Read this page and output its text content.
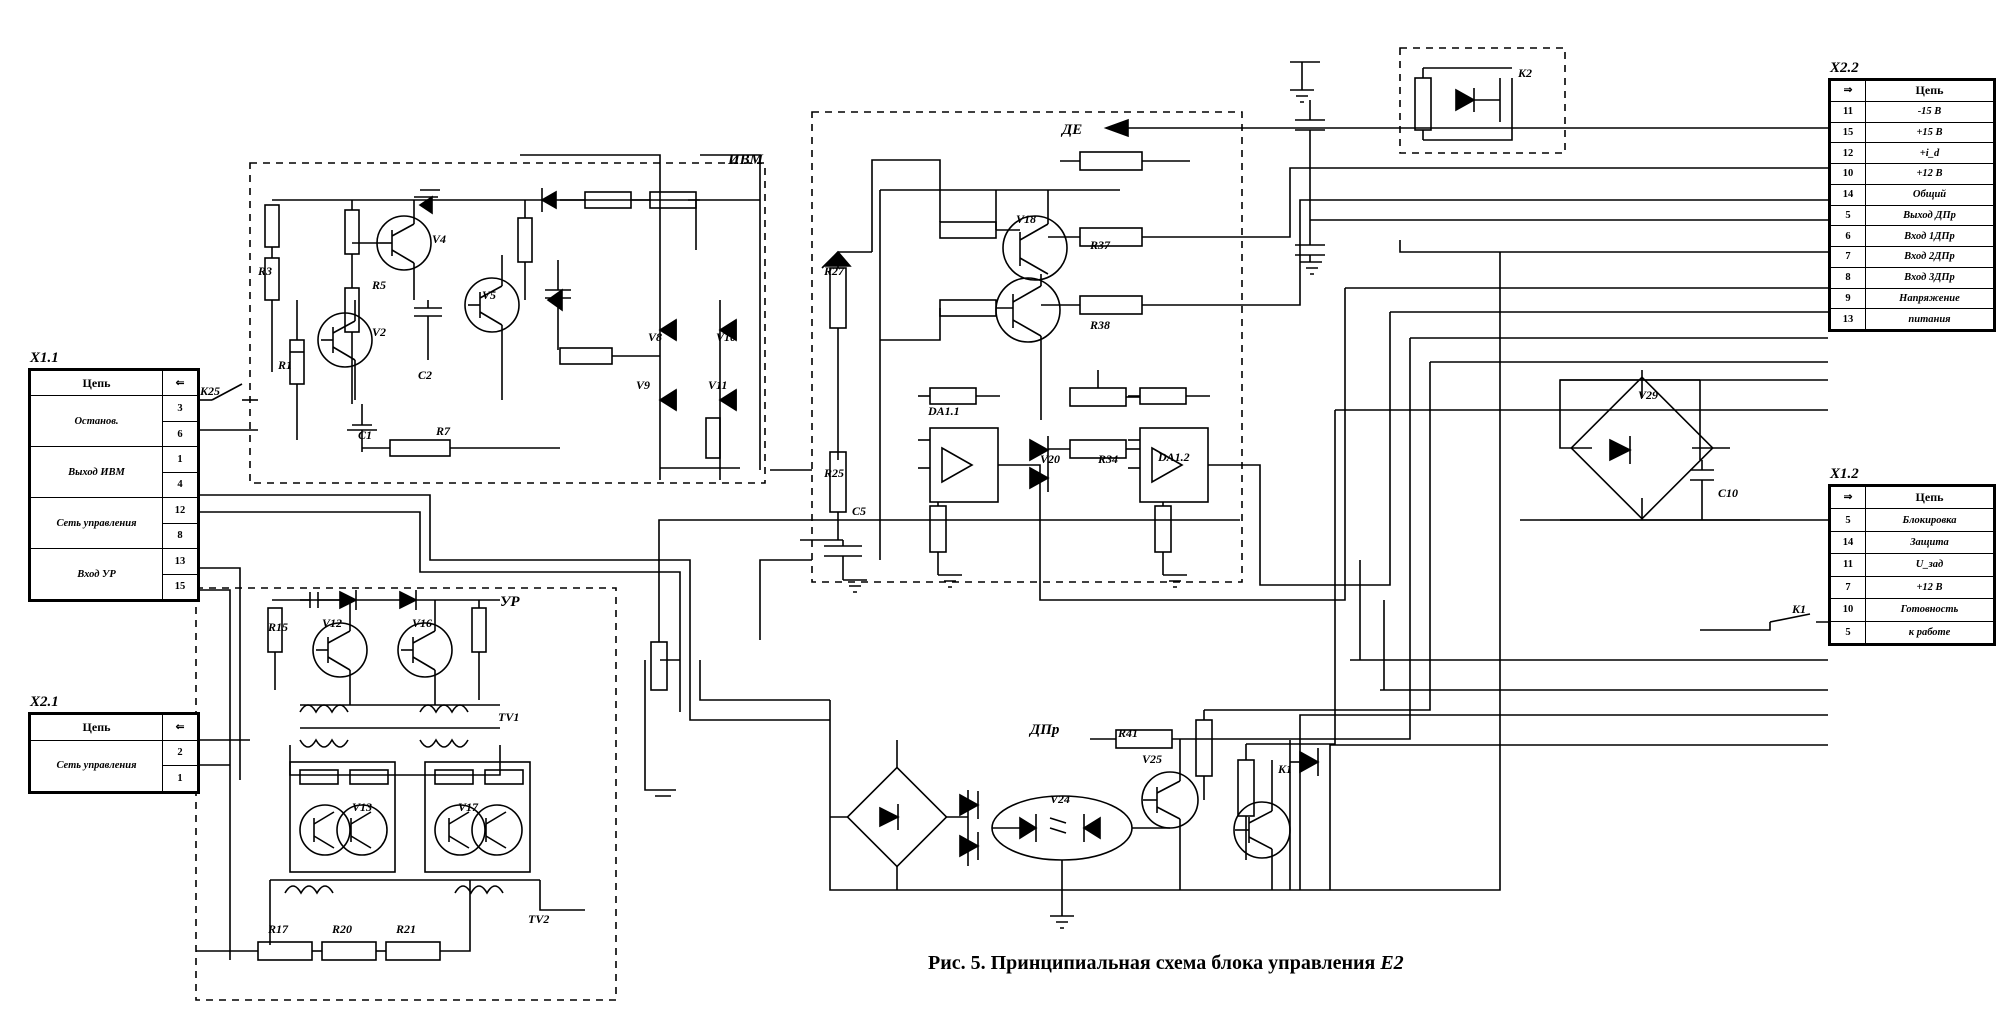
ИВМ
УР
ДЕ
ДПр
R3
R5
R1
R7
C1
C2
V2
V4
V5
V8
V9
V10
V11
K25
R15	V12	V16
TV1
TV2
V13	V17
R17	R20	R21
R27
R25
C5
DA1.1
DA1.2
V18
R37
R38
V20	R34
K2
K1
V29
C10
R41
V25
V24
K1
X1.1
Цепь	⇐
Останов.	3
	6
Выход ИВМ	1
	4
Сеть управления	12
	8
Вход УР	13
	15
X2.1
Цепь	⇐
Сеть управления	2
	1
X2.2
⇒	Цепь
11	-15 В
15	+15 В
12	+i_d
10	+12 В
14	Общий
5	Выход ДПр
6	Вход 1ДПр
7	Вход 2ДПр
8	Вход 3ДПр
9	Напряжение
13	питания
X1.2
⇒	Цепь
5	Блокировка
14	Защита
11	U_зад
7	+12 В
10	Готовность
5	к работе
Рис. 5. Принципиальная схема блока управления E2
